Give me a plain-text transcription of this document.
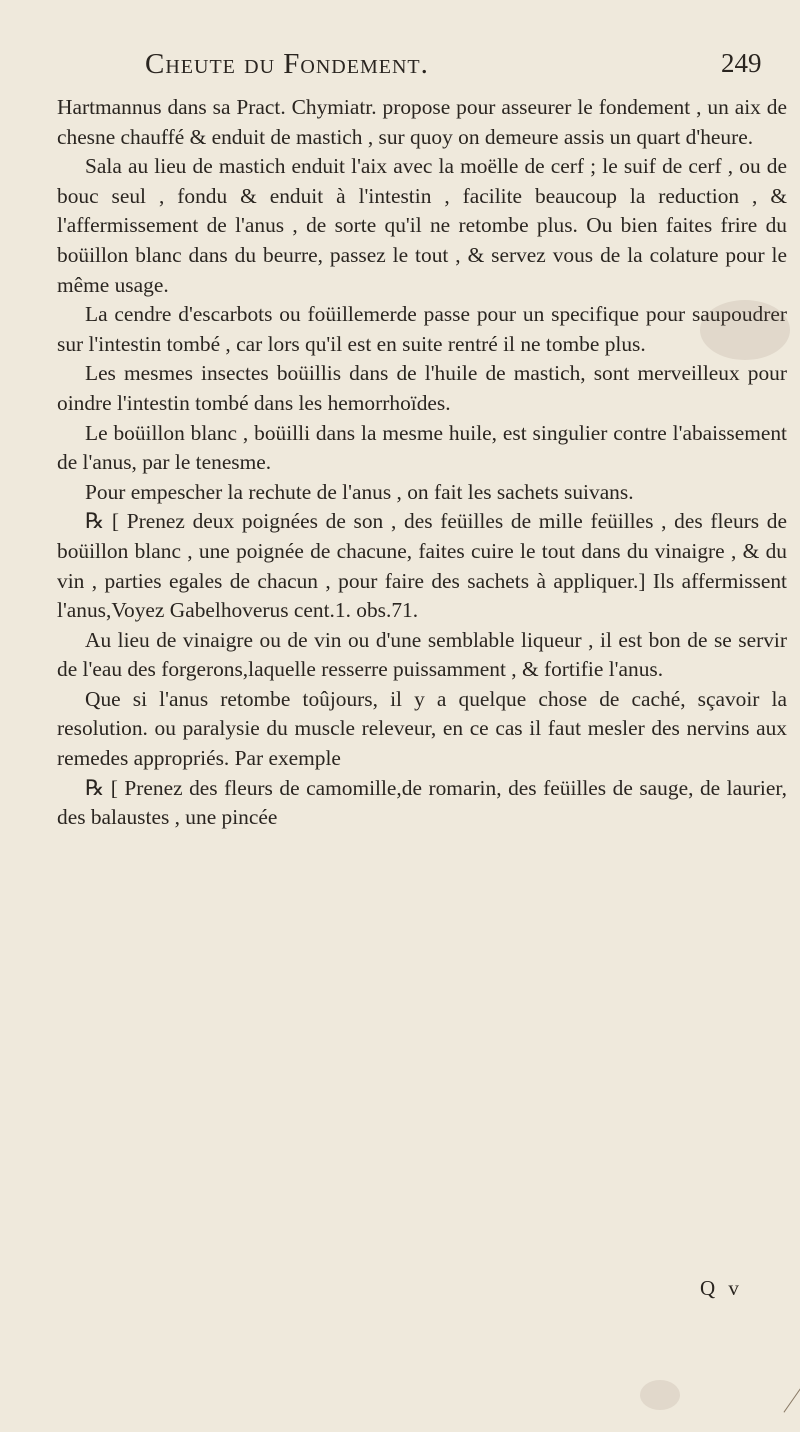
Cheute du Fondement.	249

Hartmannus dans sa Pract. Chymiatr. propose pour asseurer le fondement , un aix de chesne chauffé & enduit de mastich , sur quoy on demeure assis un quart d'heure.

Sala au lieu de mastich enduit l'aix avec la moëlle de cerf ; le suif de cerf , ou de bouc seul , fondu & enduit à l'intestin , facilite beaucoup la reduction , & l'affermissement de l'anus , de sorte qu'il ne retombe plus. Ou bien faites frire du boüillon blanc dans du beurre, passez le tout , & servez vous de la colature pour le même usage.

La cendre d'escarbots ou foüillemerde passe pour un specifique pour saupoudrer sur l'intestin tombé , car lors qu'il est en suite rentré il ne tombe plus.

Les mesmes insectes boüillis dans de l'huile de mastich, sont merveilleux pour oindre l'intestin tombé dans les hemorrhoïdes.

Le boüillon blanc , boüilli dans la mesme huile, est singulier contre l'abaissement de l'anus, par le tenesme.

Pour empescher la rechute de l'anus , on fait les sachets suivans.

℞ [ Prenez deux poignées de son , des feüilles de mille feüilles , des fleurs de boüillon blanc , une poignée de chacune, faites cuire le tout dans du vinaigre , & du vin , parties egales de chacun , pour faire des sachets à appliquer.] Ils affermissent l'anus,Voyez Gabelhoverus cent.1. obs.71.

Au lieu de vinaigre ou de vin ou d'une semblable liqueur , il est bon de se servir de l'eau des forgerons,laquelle resserre puissamment , & fortifie l'anus.

Que si l'anus retombe toûjours, il y a quelque chose de caché, sçavoir la resolution. ou paralysie du muscle releveur, en ce cas il faut mesler des nervins aux remedes appropriés. Par exemple

℞ [ Prenez des fleurs de camomille,de romarin, des feüilles de sauge, de laurier, des balaustes , une pincée

Q v
